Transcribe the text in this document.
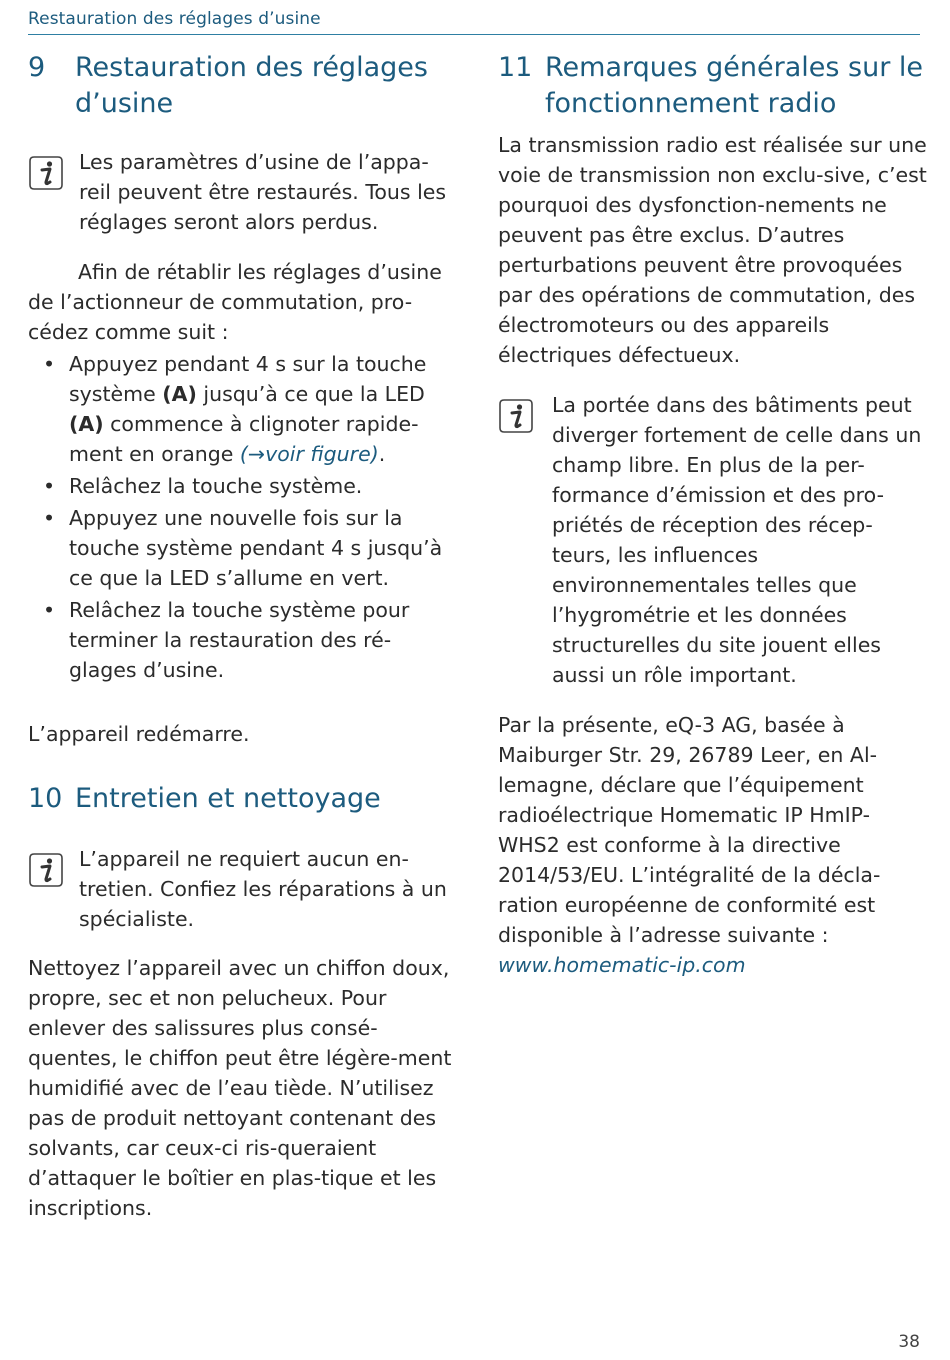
Restauration des réglages d’usine
9	Restauration des réglages d’usine

Les paramètres d’usine de l’appa-reil peuvent être restaurés. Tous les réglages seront alors perdus.

Afin de rétablir les réglages d’usine de l’actionneur de commutation, pro-cédez comme suit :

• Appuyez pendant 4 s sur la touche système (A) jusqu’à ce que la LED (A) commence à clignoter rapide-ment en orange (→voir figure).
• Relâchez la touche système.
• Appuyez une nouvelle fois sur la touche système pendant 4 s jusqu’à ce que la LED s’allume en vert.
• Relâchez la touche système pour terminer la restauration des ré-glages d’usine.

L’appareil redémarre.

10 Entretien et nettoyage

L’appareil ne requiert aucun en-tretien. Confiez les réparations à un spécialiste.

Nettoyez l’appareil avec un chiffon doux, propre, sec et non pelucheux. Pour enlever des salissures plus consé-quentes, le chiffon peut être légère-ment humidifié avec de l’eau tiède. N’utilisez pas de produit nettoyant contenant des solvants, car ceux-ci ris-queraient d’attaquer le boîtier en plas-tique et les inscriptions.

11 Remarques générales sur le fonctionnement radio

La transmission radio est réalisée sur une voie de transmission non exclu-sive, c’est pourquoi des dysfonction-nements ne peuvent pas être exclus. D’autres perturbations peuvent être provoquées par des opérations de commutation, des électromoteurs ou des appareils électriques défectueux.

La portée dans des bâtiments peut diverger fortement de celle dans un champ libre. En plus de la per-formance d’émission et des pro-priétés de réception des récep-teurs, les influences environnementales telles que l’hygrométrie et les données structurelles du site jouent elles aussi un rôle important.

Par la présente, eQ-3 AG, basée à Maiburger Str. 29, 26789 Leer, en Al-lemagne, déclare que l’équipement radioélectrique Homematic IP HmIP-WHS2 est conforme à la directive 2014/53/EU. L’intégralité de la décla-ration européenne de conformité est disponible à l’adresse suivante : www.homematic-ip.com

38
